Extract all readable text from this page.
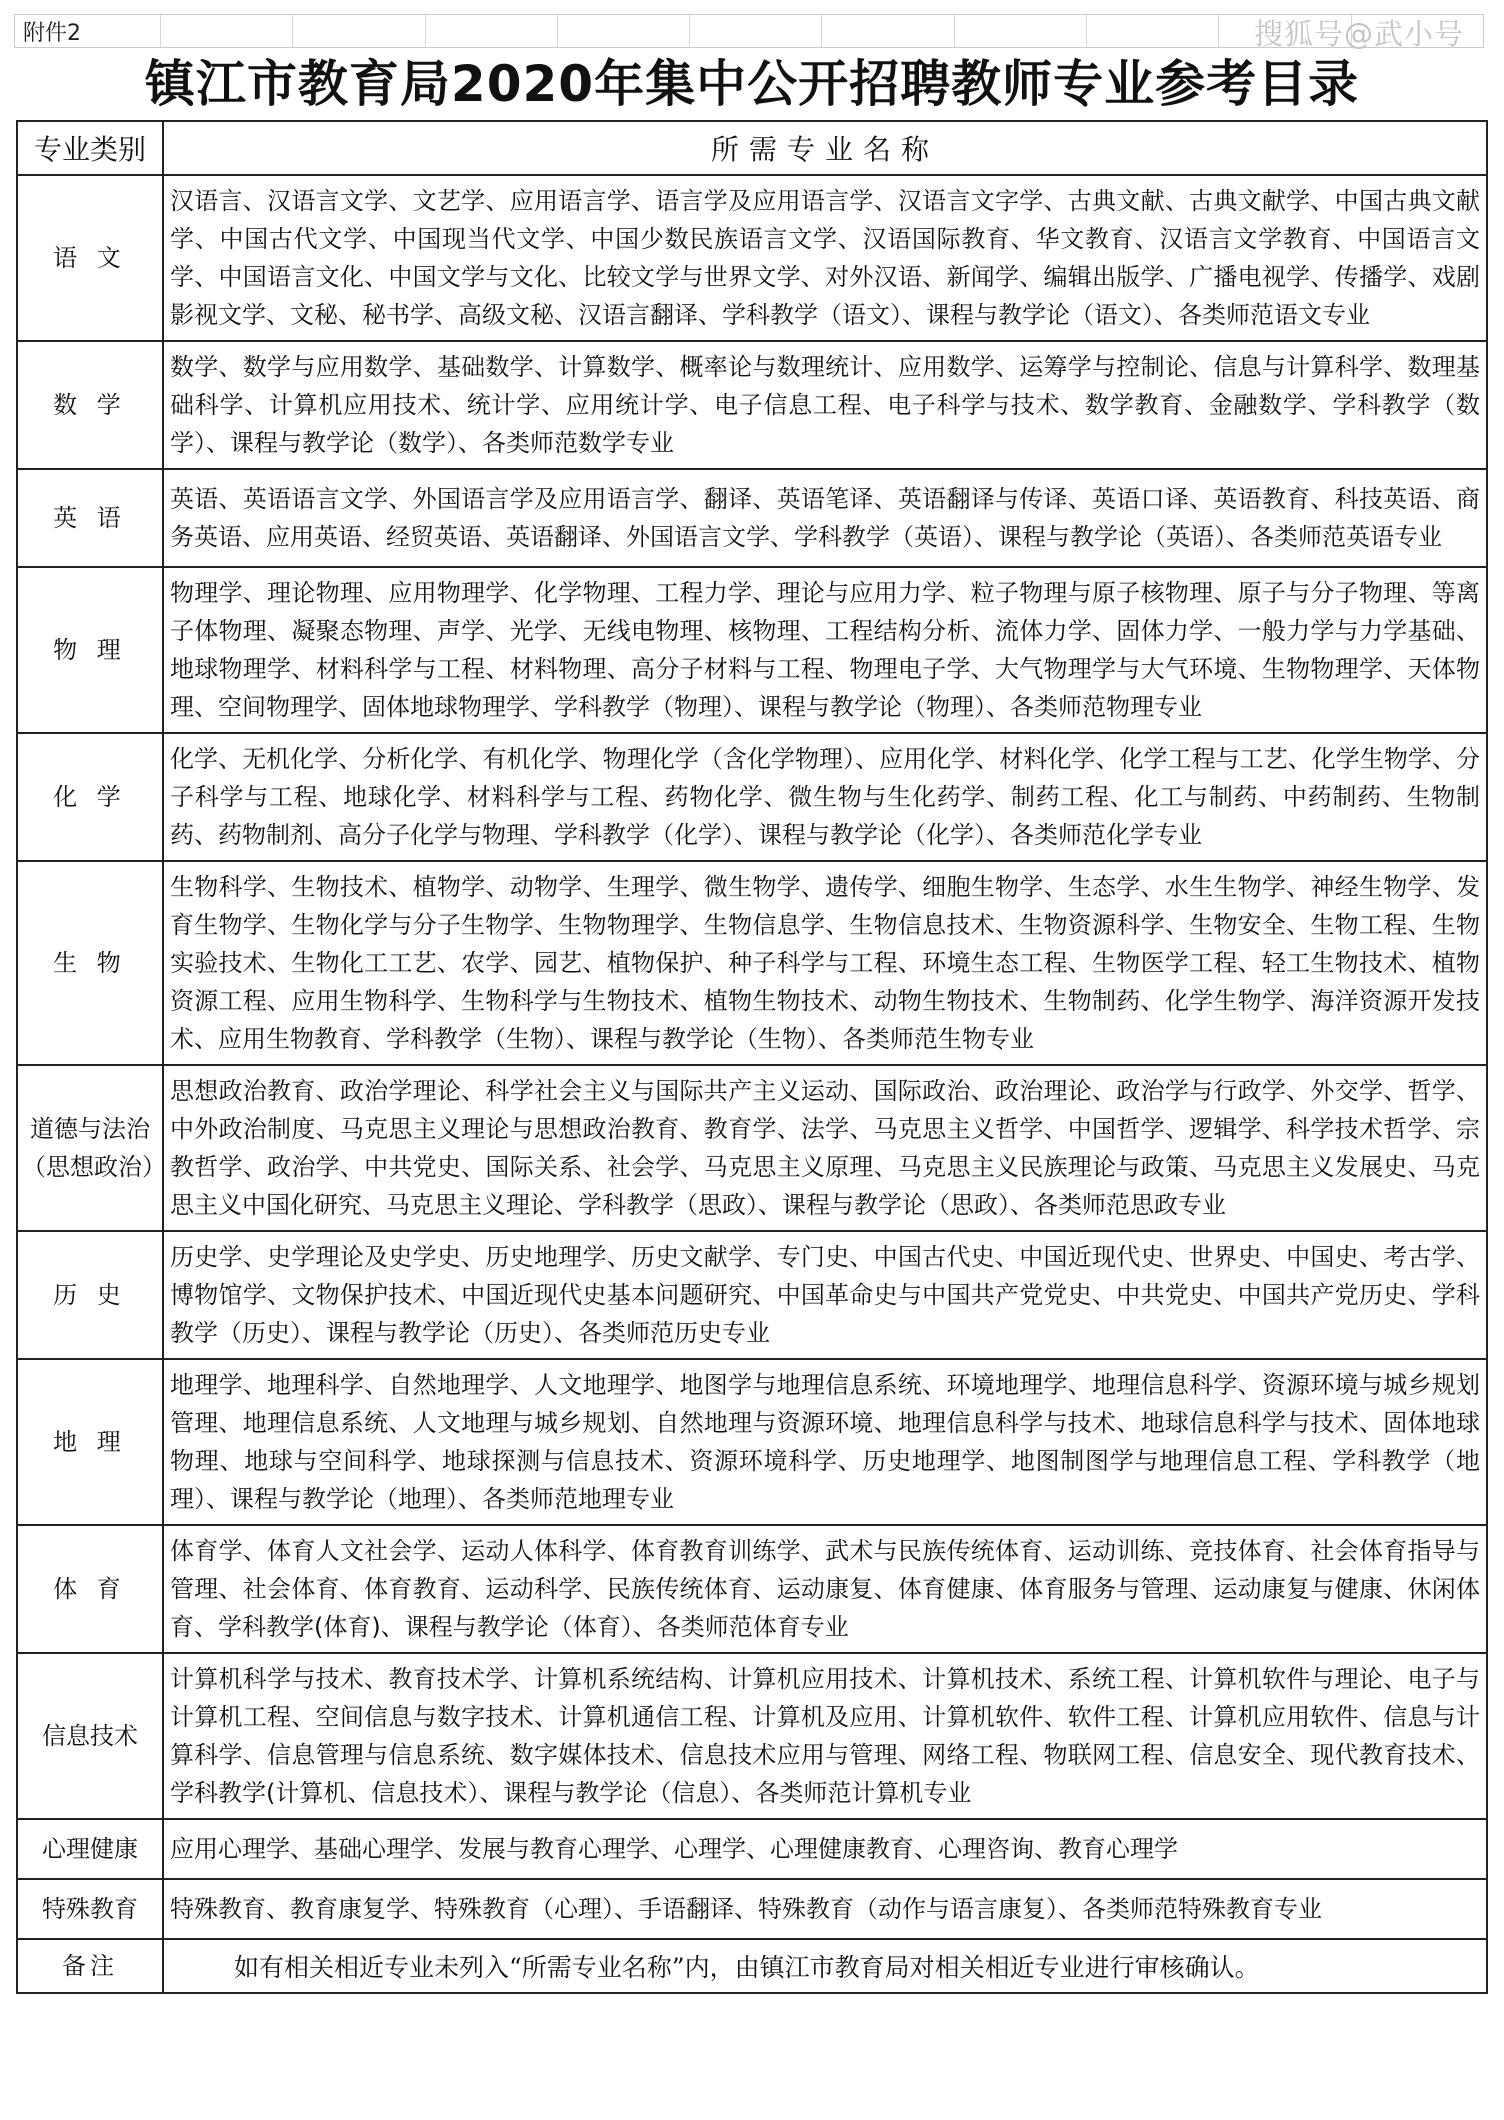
附件2	搜狐号@武小号
镇江市教育局2020年集中公开招聘教师专业参考目录
专业类别	所需专业名称
语 文	汉语言、汉语言文学、文艺学、应用语言学、语言学及应用语言学、汉语言文字学、古典文献、古典文献学、中国古典文献学、中国古代文学、中国现当代文学、中国少数民族语言文学、汉语国际教育、华文教育、汉语言文学教育、中国语言文学、中国语言文化、中国文学与文化、比较文学与世界文学、对外汉语、新闻学、编辑出版学、广播电视学、传播学、戏剧影视文学、文秘、秘书学、高级文秘、汉语言翻译、学科教学（语文）、课程与教学论（语文）、各类师范语文专业
数 学	数学、数学与应用数学、基础数学、计算数学、概率论与数理统计、应用数学、运筹学与控制论、信息与计算科学、数理基础科学、计算机应用技术、统计学、应用统计学、电子信息工程、电子科学与技术、数学教育、金融数学、学科教学（数学）、课程与教学论（数学）、各类师范数学专业
英 语	英语、英语语言文学、外国语言学及应用语言学、翻译、英语笔译、英语翻译与传译、英语口译、英语教育、科技英语、商务英语、应用英语、经贸英语、英语翻译、外国语言文学、学科教学（英语）、课程与教学论（英语）、各类师范英语专业
物 理	物理学、理论物理、应用物理学、化学物理、工程力学、理论与应用力学、粒子物理与原子核物理、原子与分子物理、等离子体物理、凝聚态物理、声学、光学、无线电物理、核物理、工程结构分析、流体力学、固体力学、一般力学与力学基础、地球物理学、材料科学与工程、材料物理、高分子材料与工程、物理电子学、大气物理学与大气环境、生物物理学、天体物理、空间物理学、固体地球物理学、学科教学（物理）、课程与教学论（物理）、各类师范物理专业
化 学	化学、无机化学、分析化学、有机化学、物理化学（含化学物理）、应用化学、材料化学、化学工程与工艺、化学生物学、分子科学与工程、地球化学、材料科学与工程、药物化学、微生物与生化药学、制药工程、化工与制药、中药制药、生物制药、药物制剂、高分子化学与物理、学科教学（化学）、课程与教学论（化学）、各类师范化学专业
生 物	生物科学、生物技术、植物学、动物学、生理学、微生物学、遗传学、细胞生物学、生态学、水生生物学、神经生物学、发育生物学、生物化学与分子生物学、生物物理学、生物信息学、生物信息技术、生物资源科学、生物安全、生物工程、生物实验技术、生物化工工艺、农学、园艺、植物保护、种子科学与工程、环境生态工程、生物医学工程、轻工生物技术、植物资源工程、应用生物科学、生物科学与生物技术、植物生物技术、动物生物技术、生物制药、化学生物学、海洋资源开发技术、应用生物教育、学科教学（生物）、课程与教学论（生物）、各类师范生物专业
道德与法治（思想政治）	思想政治教育、政治学理论、科学社会主义与国际共产主义运动、国际政治、政治理论、政治学与行政学、外交学、哲学、中外政治制度、马克思主义理论与思想政治教育、教育学、法学、马克思主义哲学、中国哲学、逻辑学、科学技术哲学、宗教哲学、政治学、中共党史、国际关系、社会学、马克思主义原理、马克思主义民族理论与政策、马克思主义发展史、马克思主义中国化研究、马克思主义理论、学科教学（思政）、课程与教学论（思政）、各类师范思政专业
历 史	历史学、史学理论及史学史、历史地理学、历史文献学、专门史、中国古代史、中国近现代史、世界史、中国史、考古学、博物馆学、文物保护技术、中国近现代史基本问题研究、中国革命史与中国共产党党史、中共党史、中国共产党历史、学科教学（历史）、课程与教学论（历史）、各类师范历史专业
地 理	地理学、地理科学、自然地理学、人文地理学、地图学与地理信息系统、环境地理学、地理信息科学、资源环境与城乡规划管理、地理信息系统、人文地理与城乡规划、自然地理与资源环境、地理信息科学与技术、地球信息科学与技术、固体地球物理、地球与空间科学、地球探测与信息技术、资源环境科学、历史地理学、地图制图学与地理信息工程、学科教学（地理）、课程与教学论（地理）、各类师范地理专业
体 育	体育学、体育人文社会学、运动人体科学、体育教育训练学、武术与民族传统体育、运动训练、竞技体育、社会体育指导与管理、社会体育、体育教育、运动科学、民族传统体育、运动康复、体育健康、体育服务与管理、运动康复与健康、休闲体育、学科教学(体育)、课程与教学论（体育）、各类师范体育专业
信息技术	计算机科学与技术、教育技术学、计算机系统结构、计算机应用技术、计算机技术、系统工程、计算机软件与理论、电子与计算机工程、空间信息与数字技术、计算机通信工程、计算机及应用、计算机软件、软件工程、计算机应用软件、信息与计算科学、信息管理与信息系统、数字媒体技术、信息技术应用与管理、网络工程、物联网工程、信息安全、现代教育技术、学科教学(计算机、信息技术）、课程与教学论（信息）、各类师范计算机专业
心理健康	应用心理学、基础心理学、发展与教育心理学、心理学、心理健康教育、心理咨询、教育心理学
特殊教育	特殊教育、教育康复学、特殊教育（心理）、手语翻译、特殊教育（动作与语言康复）、各类师范特殊教育专业
备注	如有相关相近专业未列入“所需专业名称”内，由镇江市教育局对相关相近专业进行审核确认。
